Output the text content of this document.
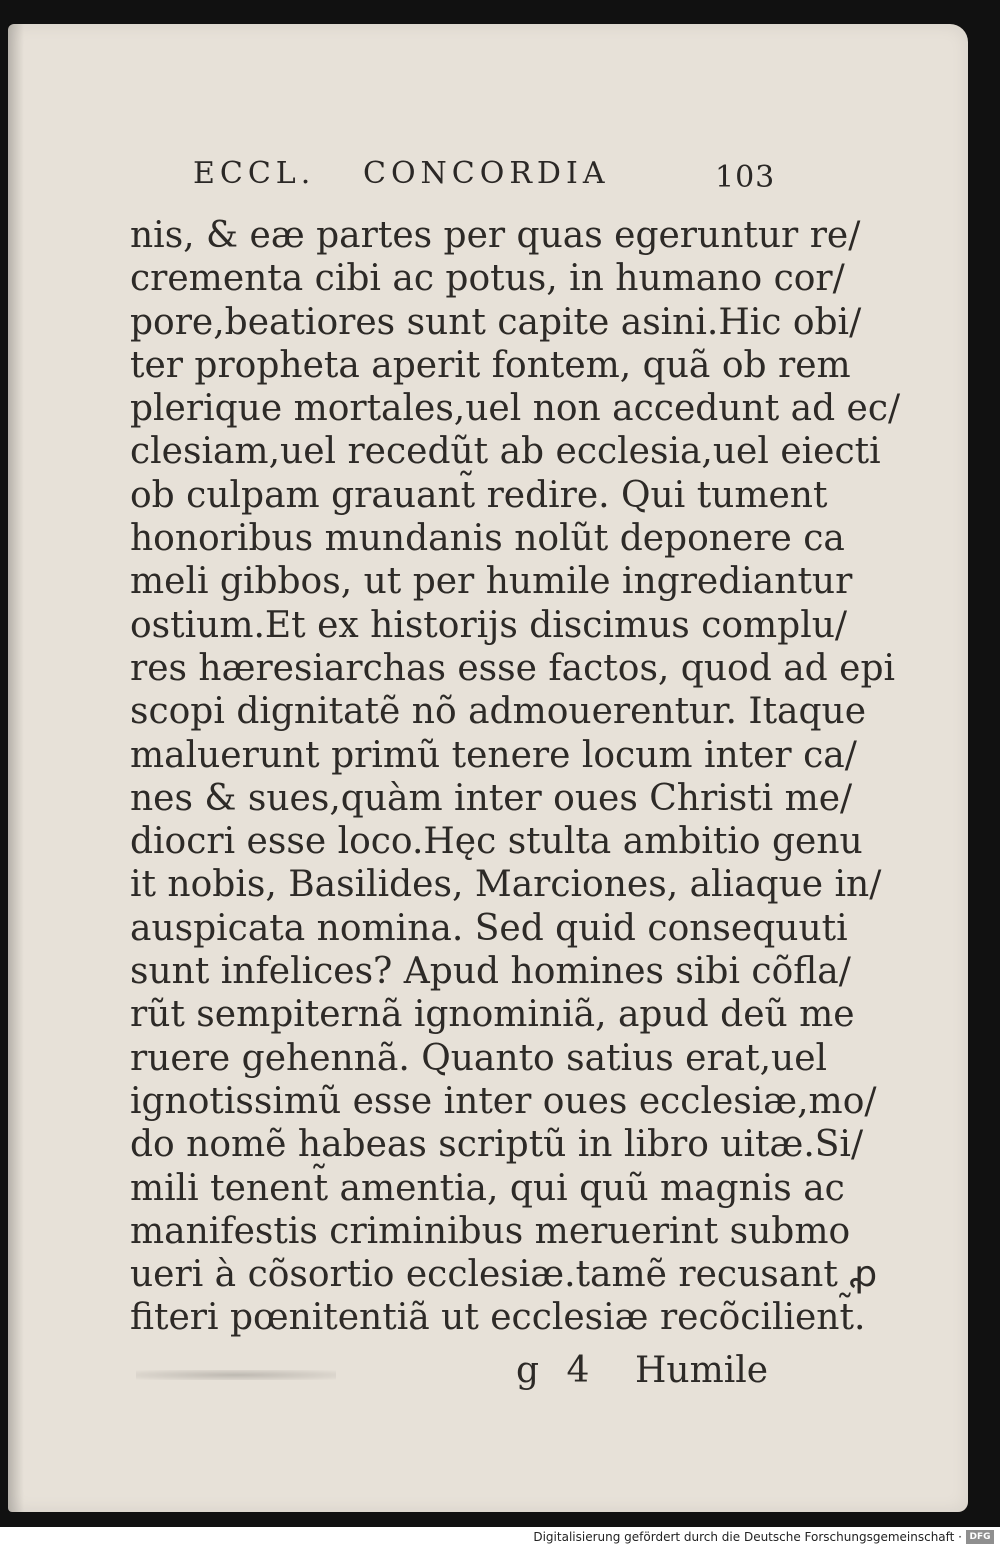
ECCL. CONCORDIA	103
nis, & eæ partes per quas egeruntur re/
crementa cibi ac potus, in humano cor/
pore,beatiores sunt capite asini.Hic obi/
ter propheta aperit fontem, quã ob rem
plerique mortales,uel non accedunt ad ec/
clesiam,uel recedũt ab ecclesia,uel eiecti
ob culpam grauant̃ redire. Qui tument
honoribus mundanis nolũt deponere ca
meli gibbos, ut per humile ingrediantur
ostium.Et ex historijs discimus complu/
res hæresiarchas esse factos, quod ad epi
scopi dignitatẽ nõ admouerentur. Itaque
maluerunt primũ tenere locum inter ca/
nes & sues,quàm inter oues Christi me/
diocri esse loco.Hęc stulta ambitio genu
it nobis, Basilides, Marciones, aliaque in/
auspicata nomina. Sed quid consequuti
sunt infelices? Apud homines sibi cõfla/
rũt sempiternã ignominiã, apud deũ me
ruere gehennã. Quanto satius erat,uel
ignotissimũ esse inter oues ecclesiæ,mo/
do nomẽ habeas scriptũ in libro uitæ.Si/
mili tenent̃ amentia, qui quũ magnis ac
manifestis criminibus meruerint submo
ueri à cõsortio ecclesiæ.tamẽ recusant ꝓ
fiteri pœnitentiã ut ecclesiæ recõcilient̃.
g 4 Humile
Digitalisierung gefördert durch die Deutsche Forschungsgemeinschaft · DFG
